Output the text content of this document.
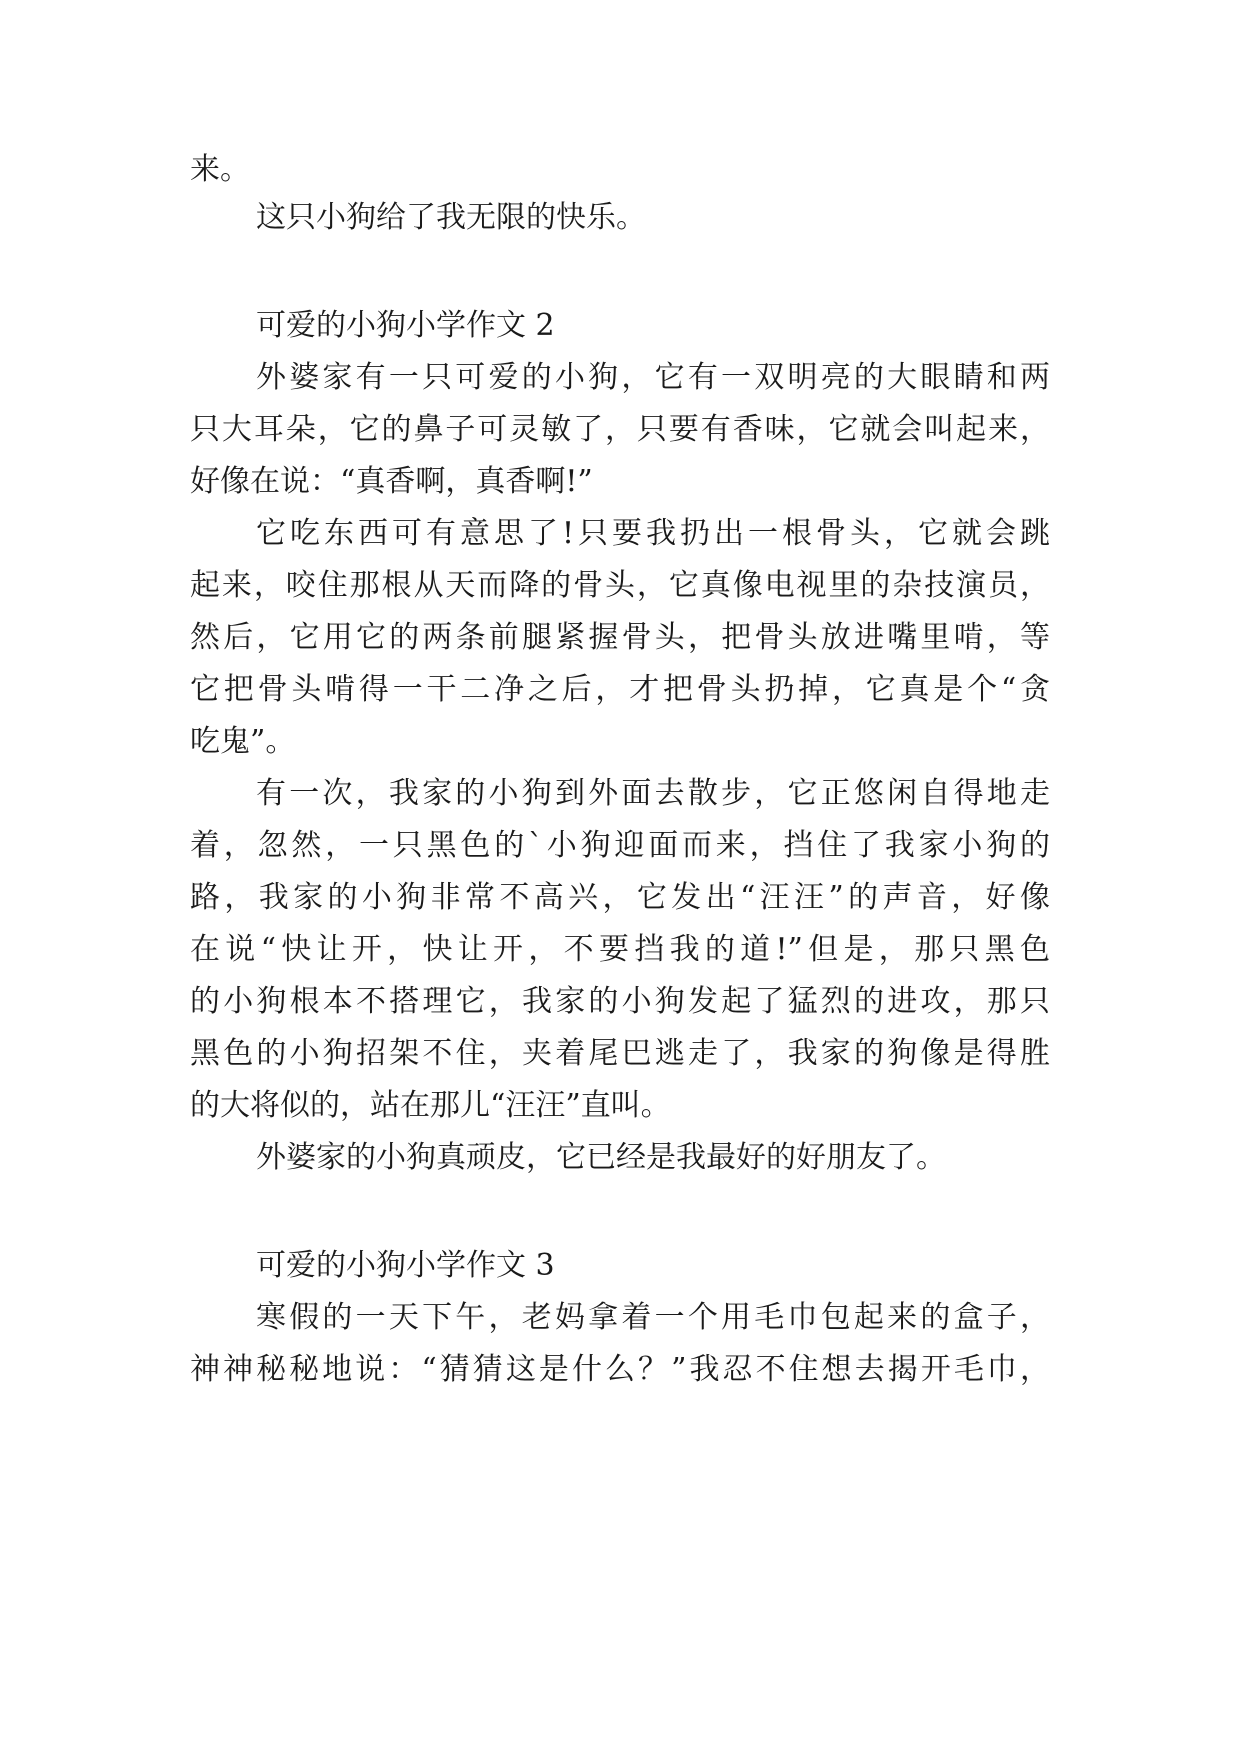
来。
这只小狗给了我无限的快乐。
可爱的小狗小学作文 2
外婆家有一只可爱的小狗，它有一双明亮的大眼睛和两
只大耳朵，它的鼻子可灵敏了，只要有香味，它就会叫起来，
好像在说：“真香啊，真香啊!”
它吃东西可有意思了!只要我扔出一根骨头，它就会跳
起来，咬住那根从天而降的骨头，它真像电视里的杂技演员，
然后，它用它的两条前腿紧握骨头，把骨头放进嘴里啃，等
它把骨头啃得一干二净之后，才把骨头扔掉，它真是个“贪
吃鬼”。
有一次，我家的小狗到外面去散步，它正悠闲自得地走
着，忽然，一只黑色的`小狗迎面而来，挡住了我家小狗的
路，我家的小狗非常不高兴，它发出“汪汪”的声音，好像
在说“快让开，快让开，不要挡我的道!”但是，那只黑色
的小狗根本不搭理它，我家的小狗发起了猛烈的进攻，那只
黑色的小狗招架不住，夹着尾巴逃走了，我家的狗像是得胜
的大将似的，站在那儿“汪汪”直叫。
外婆家的小狗真顽皮，它已经是我最好的好朋友了。
可爱的小狗小学作文 3
寒假的一天下午，老妈拿着一个用毛巾包起来的盒子，
神神秘秘地说：“猜猜这是什么？”我忍不住想去揭开毛巾，
